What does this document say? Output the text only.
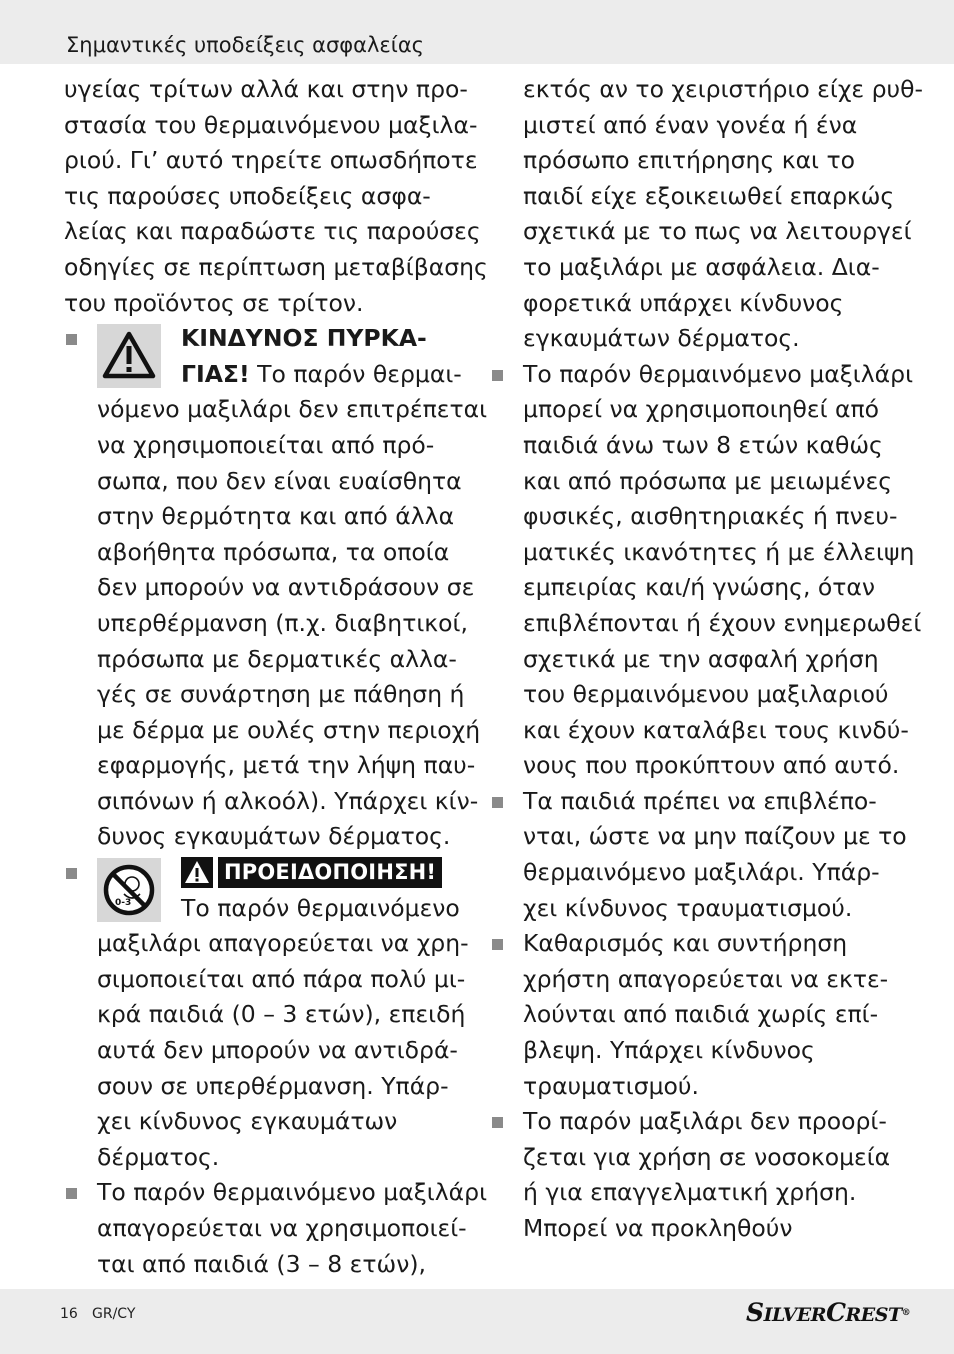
Σημαντικές υποδείξεις ασφαλείας
υγείας τρίτων αλλά και στην προ-
στασία του θερμαινόμενου μαξιλα-
ριού. Γι’ αυτό τηρείτε οπωσδήποτε
τις παρούσες υποδείξεις ασφα-
λείας και παραδώστε τις παρούσες
οδηγίες σε περίπτωση μεταβίβασης
του προϊόντος σε τρίτον.
ΚΙΝΔΥΝΟΣ ΠΥΡΚΑ-
ΓΙΑΣ! Το παρόν θερμαι-
νόμενο μαξιλάρι δεν επιτρέπεται
να χρησιμοποιείται από πρό-
σωπα, που δεν είναι ευαίσθητα
στην θερμότητα και από άλλα
αβοήθητα πρόσωπα, τα οποία
δεν μπορούν να αντιδράσουν σε
υπερθέρμανση (π.χ. διαβητικοί,
πρόσωπα με δερματικές αλλα-
γές σε συνάρτηση με πάθηση ή
με δέρμα με ουλές στην περιοχή
εφαρμογής, μετά την λήψη παυ-
σιπόνων ή αλκοόλ). Υπάρχει κίν-
δυνος εγκαυμάτων δέρματος.
0-3
ΠΡΟΕΙΔΟΠΟΙΗΣΗ!
Το παρόν θερμαινόμενο
μαξιλάρι απαγορεύεται να χρη-
σιμοποιείται από πάρα πολύ μι-
κρά παιδιά (0 – 3 ετών), επειδή
αυτά δεν μπορούν να αντιδρά-
σουν σε υπερθέρμανση. Υπάρ-
χει κίνδυνος εγκαυμάτων
δέρματος.
Το παρόν θερμαινόμενο μαξιλάρι
απαγορεύεται να χρησιμοποιεί-
ται από παιδιά (3 – 8 ετών),
εκτός αν το χειριστήριο είχε ρυθ-
μιστεί από έναν γονέα ή ένα
πρόσωπο επιτήρησης και το
παιδί είχε εξοικειωθεί επαρκώς
σχετικά με το πως να λειτουργεί
το μαξιλάρι με ασφάλεια. Δια-
φορετικά υπάρχει κίνδυνος
εγκαυμάτων δέρματος.
Το παρόν θερμαινόμενο μαξιλάρι
μπορεί να χρησιμοποιηθεί από
παιδιά άνω των 8 ετών καθώς
και από πρόσωπα με μειωμένες
φυσικές, αισθητηριακές ή πνευ-
ματικές ικανότητες ή με έλλειψη
εμπειρίας και/ή γνώσης, όταν
επιβλέπονται ή έχουν ενημερωθεί
σχετικά με την ασφαλή χρήση
του θερμαινόμενου μαξιλαριού
και έχουν καταλάβει τους κινδύ-
νους που προκύπτουν από αυτό.
Τα παιδιά πρέπει να επιβλέπο-
νται, ώστε να μην παίζουν με το
θερμαινόμενο μαξιλάρι. Υπάρ-
χει κίνδυνος τραυματισμού.
Καθαρισμός και συντήρηση
χρήστη απαγορεύεται να εκτε-
λούνται από παιδιά χωρίς επί-
βλεψη. Υπάρχει κίνδυνος
τραυματισμού.
Το παρόν μαξιλάρι δεν προορί-
ζεται για χρήση σε νοσοκομεία
ή για επαγγελματική χρήση.
Μπορεί να προκληθούν
16 GR/CY	SILVERCREST®
